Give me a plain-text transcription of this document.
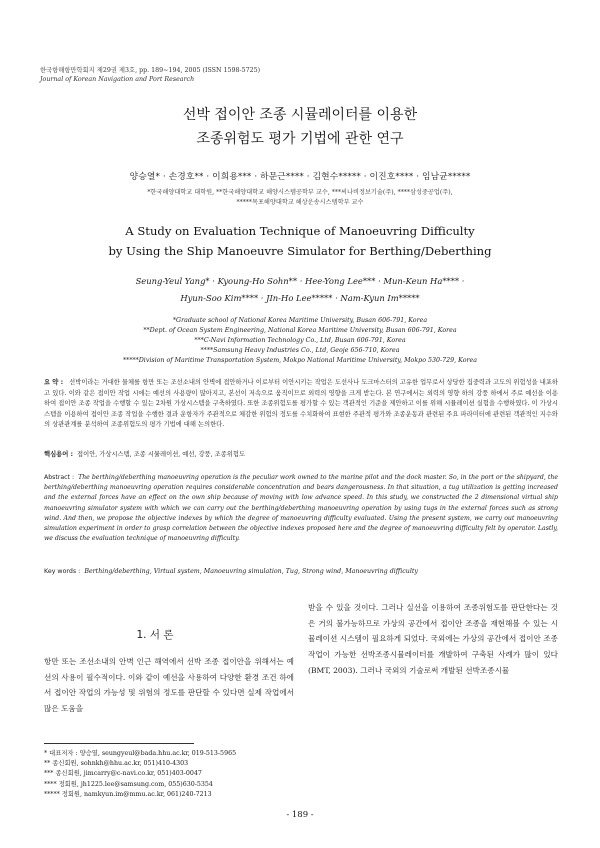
한국항해항만학회지 제29권 제3호, pp. 189~194, 2005 (ISSN 1598-5725)
Journal of Korean Navigation and Port Research
선박 접이안 조종 시뮬레이터를 이용한
조종위험도 평가 기법에 관한 연구
양승열* · 손경호** · 이희용*** · 하문근**** · 김현수***** · 이진호**** · 임남균*****
*한국해양대학교 대학원, **한국해양대학교 해양시스템공학부 교수, ***씨나비정보기술(주), ****삼성중공업(주),
*****목포해양대학교 해상운송시스템학부 교수
A Study on Evaluation Technique of Manoeuvring Difficulty
by Using the Ship Manoeuvre Simulator for Berthing/Deberthing
Seung-Yeul Yang* · Kyoung-Ho Sohn** · Hee-Yong Lee*** · Mun-Keun Ha**** ·
Hyun-Soo Kim**** · JIn-Ho Lee***** · Nam-Kyun Im*****
*Graduate school of National Korea Maritime University, Busan 606-791, Korea
**Dept. of Ocean System Engineering, National Korea Maritime University, Busan 606-791, Korea
***C-Navi Information Technology Co., Ltd, Busan 606-791, Korea
****Samsung Heavy Industries Co., Ltd, Geoje 656-710, Korea
*****Division of Maritime Transportation System, Mokpo National Maritime University, Mokpo 530-729, Korea
요 약 : 선박이라는 거대한 물체를 항만 또는 조선소내의 안벽에 접안하거나 이로부터 이안시키는 작업은 도선사나 도크마스터의 고유한 업무로서 상당한 집중력과 고도의 위험성을 내포하고 있다. 이와 같은 접이안 작업 시에는 예선의 사용량이 많아지고, 본선이 저속으로 움직이므로 외력의 영향을 크게 받는다. 본 연구에서는 외력의 영향 하의 강풍 하에서 주로 예선을 이용하여 접이안 조종 작업을 수행할 수 있는 2차원 가상시스템을 구축하였다. 또한 조종위험도를 평가할 수 있는 객관적인 기준을 제안하고 이를 위해 시뮬레이션 실험을 수행하였다. 이 가상시스템을 이용하여 접이안 조종 작업을 수행한 결과 운항자가 주관적으로 체감한 위험의 정도를 수치화하여 표현한 주관적 평가와 조종운동과 관련된 주요 파라미터에 관련된 객관적인 지수와의 상관관계를 분석하여 조종위험도의 평가 기법에 대해 논의한다.
핵심용어 : 접이안, 가상시스템, 조종 시뮬레이션, 예선, 강풍, 조종위험도
Abstract : The berthing/deberthing manoeuvring operation is the peculiar work owned to the marine pilot and the dock master. So, in the port or the shipyard, the berthing/deberthing manoeuvring operation requires considerable concentration and bears dangerousness. In that situation, a tug utilization is getting increased and the external forces have an effect on the own ship because of moving with low advance speed. In this study, we constructed the 2 dimensional virtual ship manoeuvring simulator system with which we can carry out the berthing/deberthing manoeuvring operation by using tugs in the external forces such as strong wind. And then, we propose the objective indexes by which the degree of manoeuvring difficulty evaluated. Using the present system, we carry out manoeuvring simulation experiment in order to grasp correlation between the objective indexes proposed here and the degree of manoeuvring difficulty felt by operator. Lastly, we discuss the evaluation technique of manoeuvring difficulty.
Key words : Berthing/deberthing, Virtual system, Manoeuvring simulation, Tug, Strong wind, Manoeuvring difficulty
1. 서 론
항만 또는 조선소내의 안벽 인근 해역에서 선박 조종 접이안을 위해서는 예선의 사용이 필수적이다. 이와 같이 예선을 사용하여 다양한 환경 조건 하에서 접이안 작업의 가능성 및 위험의 정도를 판단할 수 있다면 실제 작업에서 많은 도움을
받을 수 있을 것이다. 그러나 실선을 이용하여 조종위험도를 판단한다는 것은 거의 불가능하므로 가상의 공간에서 접이안 조종을 재현해볼 수 있는 시뮬레이션 시스템이 필요하게 되었다. 국외에는 가상의 공간에서 접이안 조종 작업이 가능한 선박조종시뮬레이터를 개발하여 구축된 사례가 많이 있다(BMT, 2003). 그러나 국외의 기술로써 개발된 선박조종시뮬
* 대표저자 : 양승열, seungyeul@bada.hhu.ac.kr, 019-513-5965
** 종신회원, sohnkh@hhu.ac.kr, 051)410-4303
*** 종신회원, jimcarry@c-navi.co.kr, 051)403-0047
**** 정회원, jh1225.lee@samsung.com, 055)630-5354
***** 정회원, namkyun.im@mmu.ac.kr, 061)240-7213
- 189 -
